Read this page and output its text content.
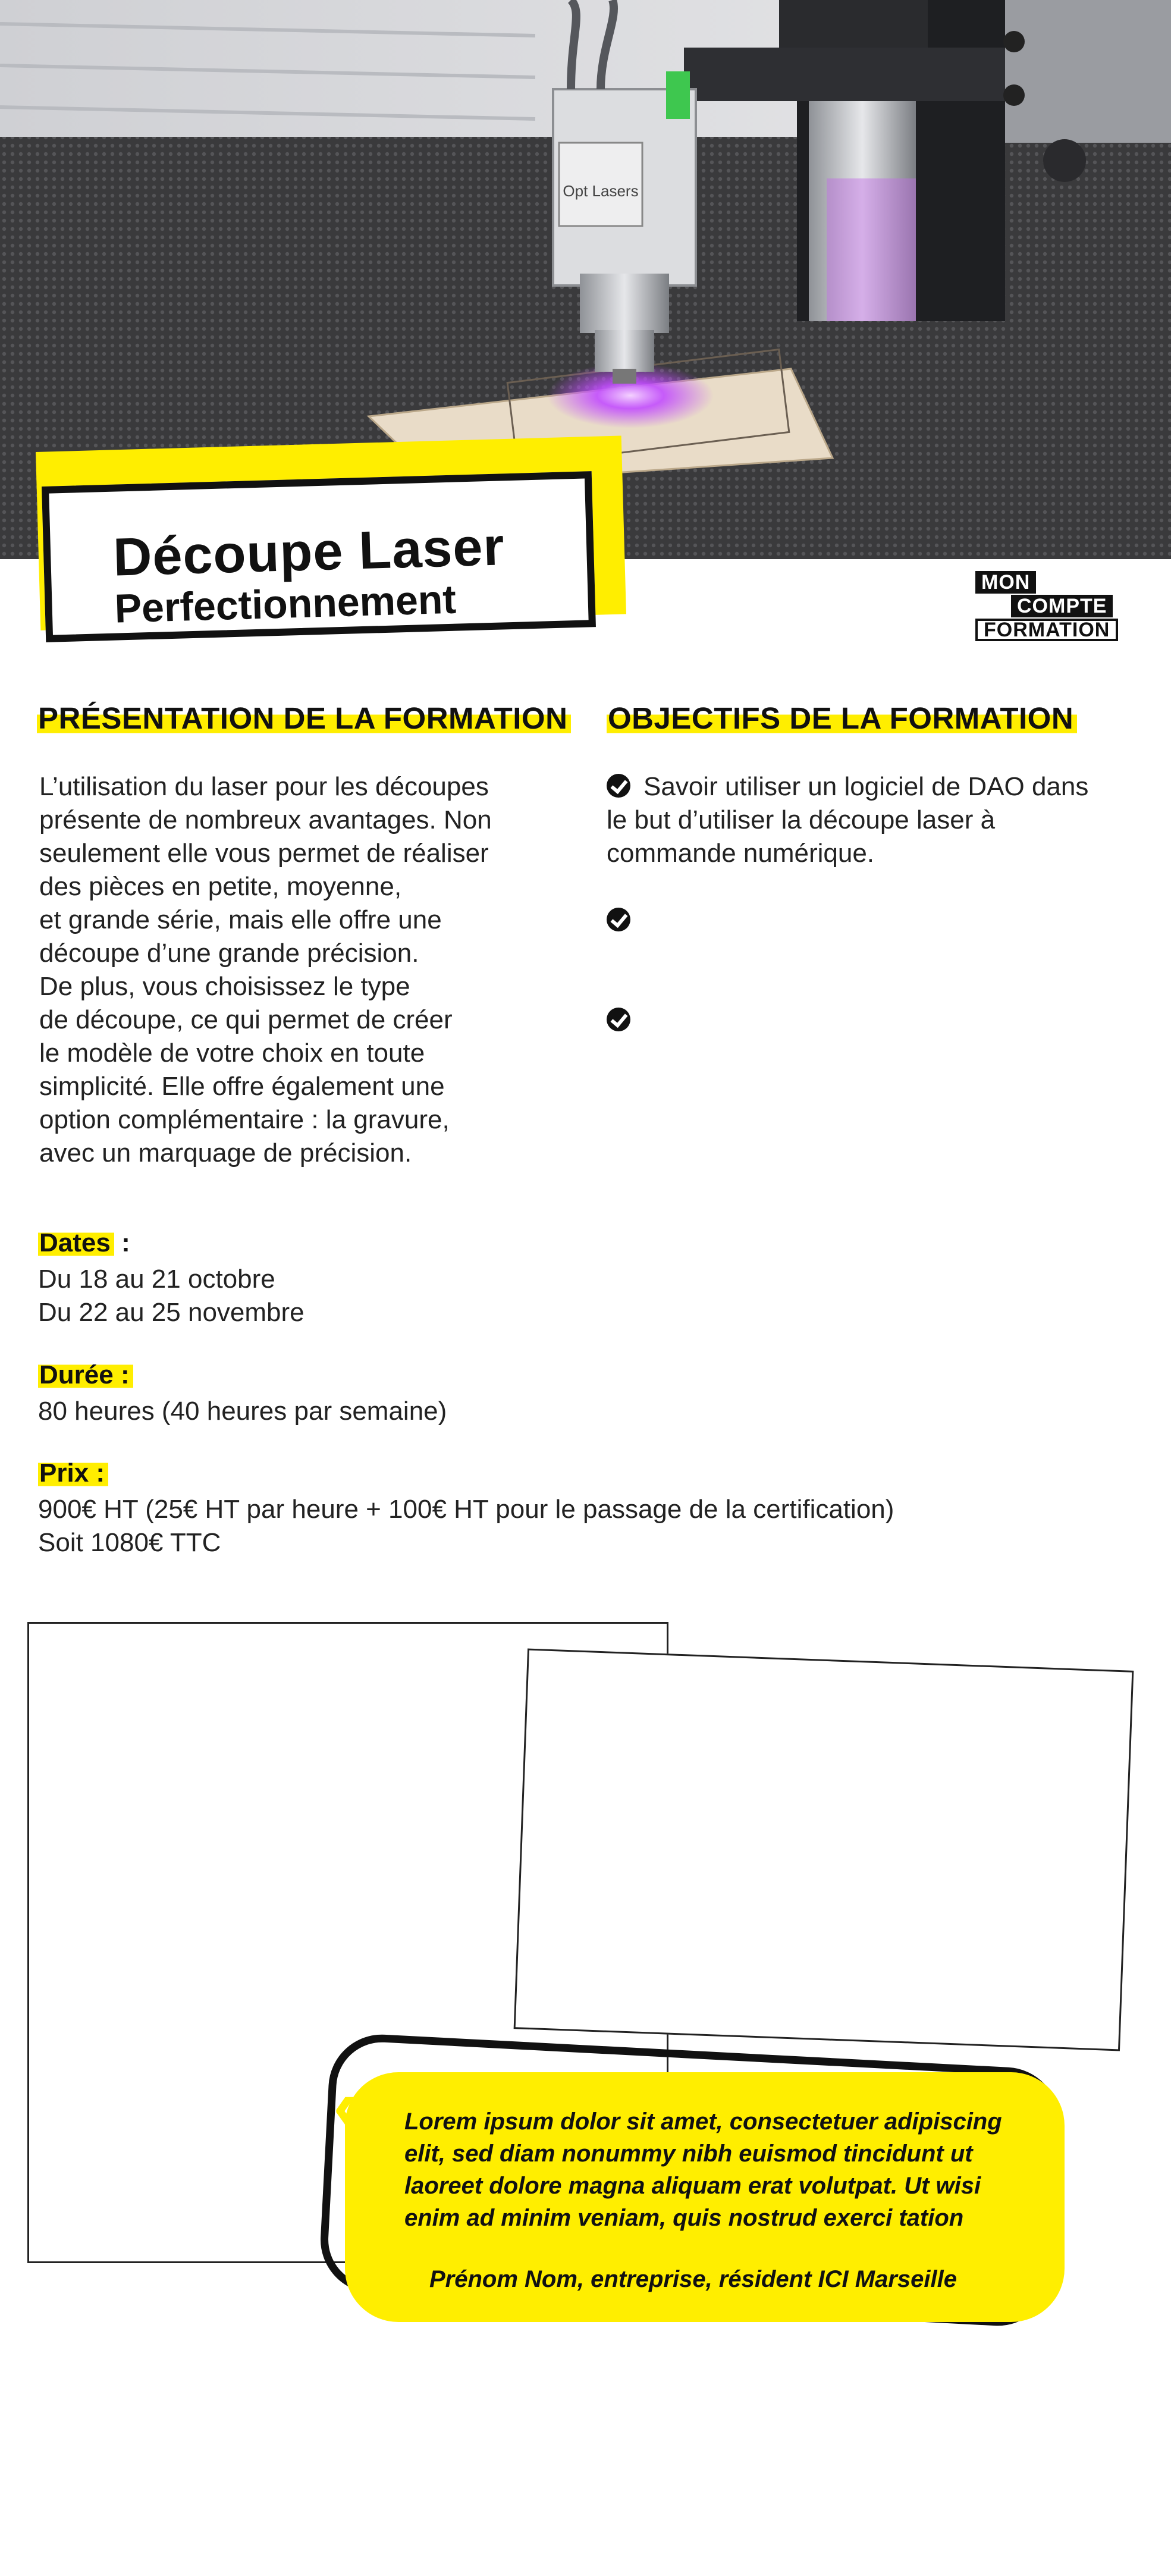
Opt Lasers
Découpe Laser
Perfectionnement	MON
COMPTE
FORMATION
PRÉSENTATION DE LA FORMATION OBJECTIFS DE LA FORMATION
L’utilisation du laser pour les découpes
présente de nombreux avantages. Non
seulement elle vous permet de réaliser
des pièces en petite, moyenne,
et grande série, mais elle offre une
découpe d’une grande précision.
De plus, vous choisissez le type
de découpe, ce qui permet de créer
le modèle de votre choix en toute
simplicité. Elle offre également une
option complémentaire : la gravure,
avec un marquage de précision.
Savoir utiliser un logiciel de DAO dans
le but d’utiliser la découpe laser à
commande numérique.
Dates :
Du 18 au 21 octobre
Du 22 au 25 novembre
Durée :
80 heures (40 heures par semaine)
Prix :
900€ HT (25€ HT par heure + 100€ HT pour le passage de la certification)
Soit 1080€ TTC
«
»
Lorem ipsum dolor sit amet, consectetuer adipiscing
elit, sed diam nonummy nibh euismod tincidunt ut
laoreet dolore magna aliquam erat volutpat. Ut wisi
enim ad minim veniam, quis nostrud exerci tation
Prénom Nom, entreprise, résident ICI Marseille
